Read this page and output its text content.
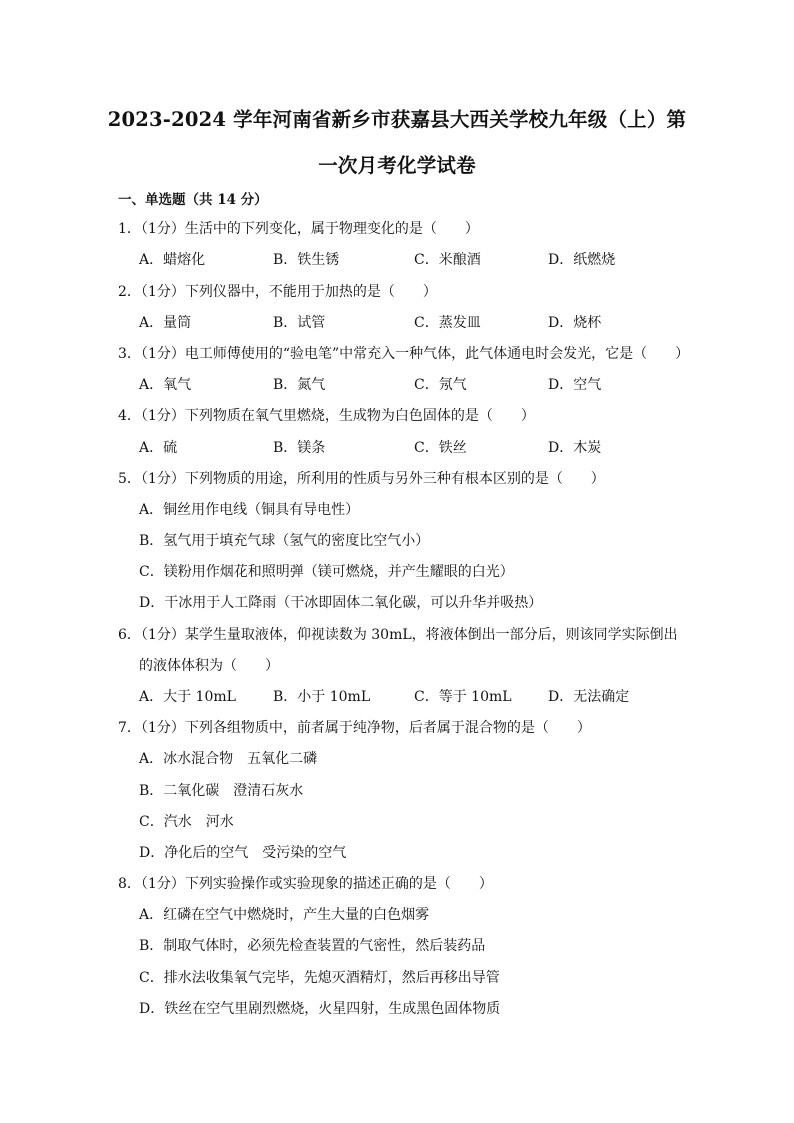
2023-2024 学年河南省新乡市获嘉县大西关学校九年级（上）第
一次月考化学试卷
一、单选题（共 14 分）
1．（1分）生活中的下列变化，属于物理变化的是（　　）
A．蜡熔化	B．铁生锈	C．米酿酒	D．纸燃烧
2．（1分）下列仪器中，不能用于加热的是（　　）
A．量筒	B．试管	C．蒸发皿	D．烧杯
3．（1分）电工师傅使用的“验电笔”中常充入一种气体，此气体通电时会发光，它是（　　）
A．氧气	B．氮气	C．氖气	D．空气
4．（1分）下列物质在氧气里燃烧，生成物为白色固体的是（　　）
A．硫	B．镁条	C．铁丝	D．木炭
5．（1分）下列物质的用途，所利用的性质与另外三种有根本区别的是（　　）
A．铜丝用作电线（铜具有导电性）
B．氢气用于填充气球（氢气的密度比空气小）
C．镁粉用作烟花和照明弹（镁可燃烧，并产生耀眼的白光）
D．干冰用于人工降雨（干冰即固体二氧化碳，可以升华并吸热）
6．（1分）某学生量取液体，仰视读数为 30mL，将液体倒出一部分后，则该同学实际倒出
的液体体积为（　　）
A．大于 10mL	B．小于 10mL	C．等于 10mL	D．无法确定
7．（1分）下列各组物质中，前者属于纯净物，后者属于混合物的是（　　）
A．冰水混合物　五氧化二磷
B．二氧化碳　澄清石灰水
C．汽水　河水
D．净化后的空气　受污染的空气
8．（1分）下列实验操作或实验现象的描述正确的是（　　）
A．红磷在空气中燃烧时，产生大量的白色烟雾
B．制取气体时，必须先检查装置的气密性，然后装药品
C．排水法收集氧气完毕，先熄灭酒精灯，然后再移出导管
D．铁丝在空气里剧烈燃烧，火星四射，生成黑色固体物质
